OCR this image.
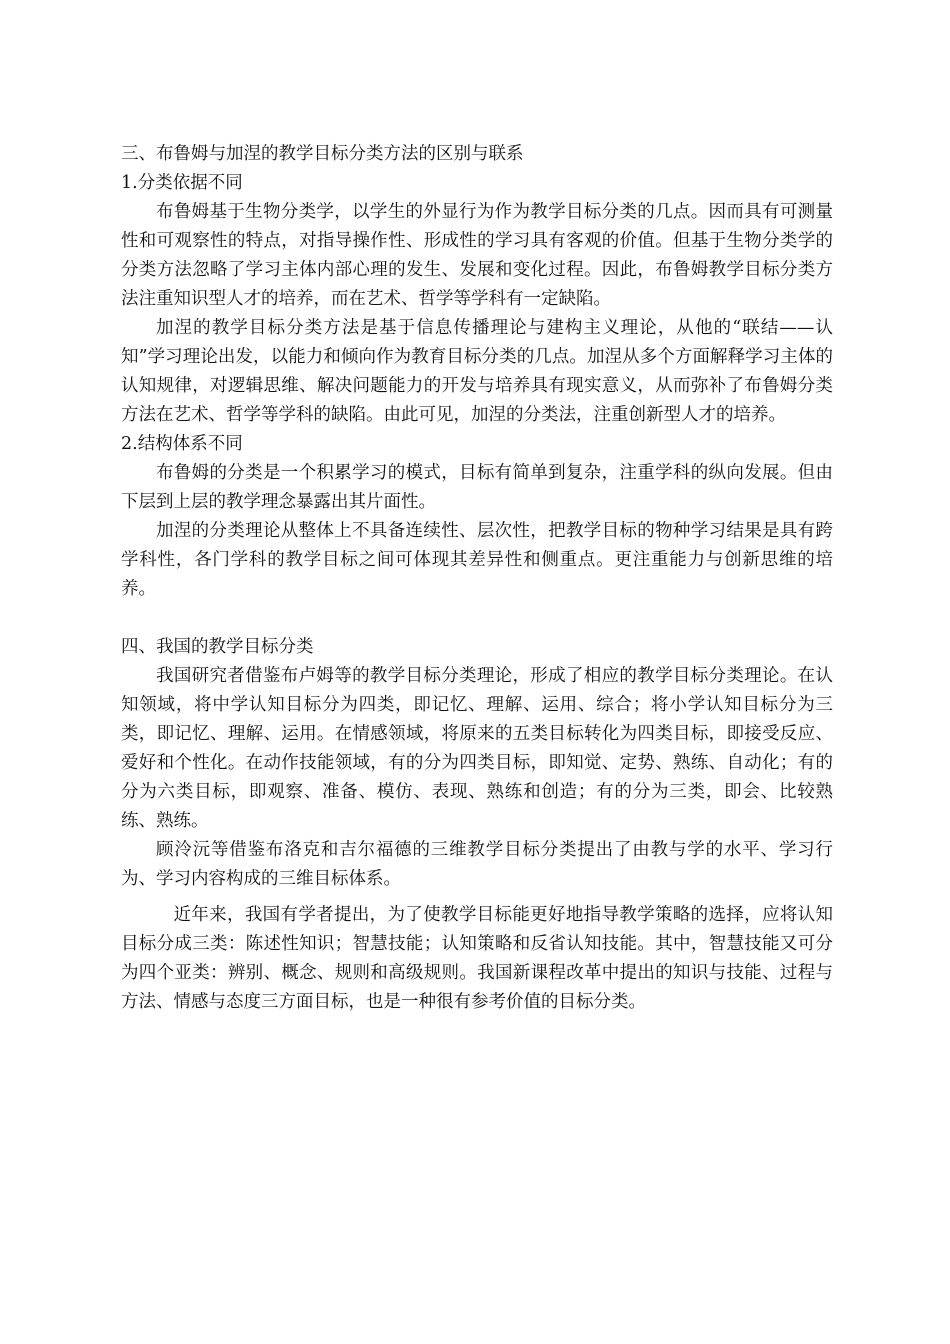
三、布鲁姆与加涅的教学目标分类方法的区别与联系

1.分类依据不同

布鲁姆基于生物分类学，以学生的外显行为作为教学目标分类的几点。因而具有可测量性和可观察性的特点，对指导操作性、形成性的学习具有客观的价值。但基于生物分类学的分类方法忽略了学习主体内部心理的发生、发展和变化过程。因此，布鲁姆教学目标分类方法注重知识型人才的培养，而在艺术、哲学等学科有一定缺陷。

加涅的教学目标分类方法是基于信息传播理论与建构主义理论，从他的“联结——认知”学习理论出发，以能力和倾向作为教育目标分类的几点。加涅从多个方面解释学习主体的认知规律，对逻辑思维、解决问题能力的开发与培养具有现实意义，从而弥补了布鲁姆分类方法在艺术、哲学等学科的缺陷。由此可见，加涅的分类法，注重创新型人才的培养。

2.结构体系不同

布鲁姆的分类是一个积累学习的模式，目标有简单到复杂，注重学科的纵向发展。但由下层到上层的教学理念暴露出其片面性。

加涅的分类理论从整体上不具备连续性、层次性，把教学目标的物种学习结果是具有跨学科性，各门学科的教学目标之间可体现其差异性和侧重点。更注重能力与创新思维的培养。

四、我国的教学目标分类

我国研究者借鉴布卢姆等的教学目标分类理论，形成了相应的教学目标分类理论。在认知领域，将中学认知目标分为四类，即记忆、理解、运用、综合；将小学认知目标分为三类，即记忆、理解、运用。在情感领域，将原来的五类目标转化为四类目标，即接受反应、爱好和个性化。在动作技能领域，有的分为四类目标，即知觉、定势、熟练、自动化；有的分为六类目标，即观察、准备、模仿、表现、熟练和创造；有的分为三类，即会、比较熟练、熟练。

顾泠沅等借鉴布洛克和吉尔福德的三维教学目标分类提出了由教与学的水平、学习行为、学习内容构成的三维目标体系。

近年来，我国有学者提出，为了使教学目标能更好地指导教学策略的选择，应将认知目标分成三类：陈述性知识；智慧技能；认知策略和反省认知技能。其中，智慧技能又可分为四个亚类：辨别、概念、规则和高级规则。我国新课程改革中提出的知识与技能、过程与方法、情感与态度三方面目标，也是一种很有参考价值的目标分类。
